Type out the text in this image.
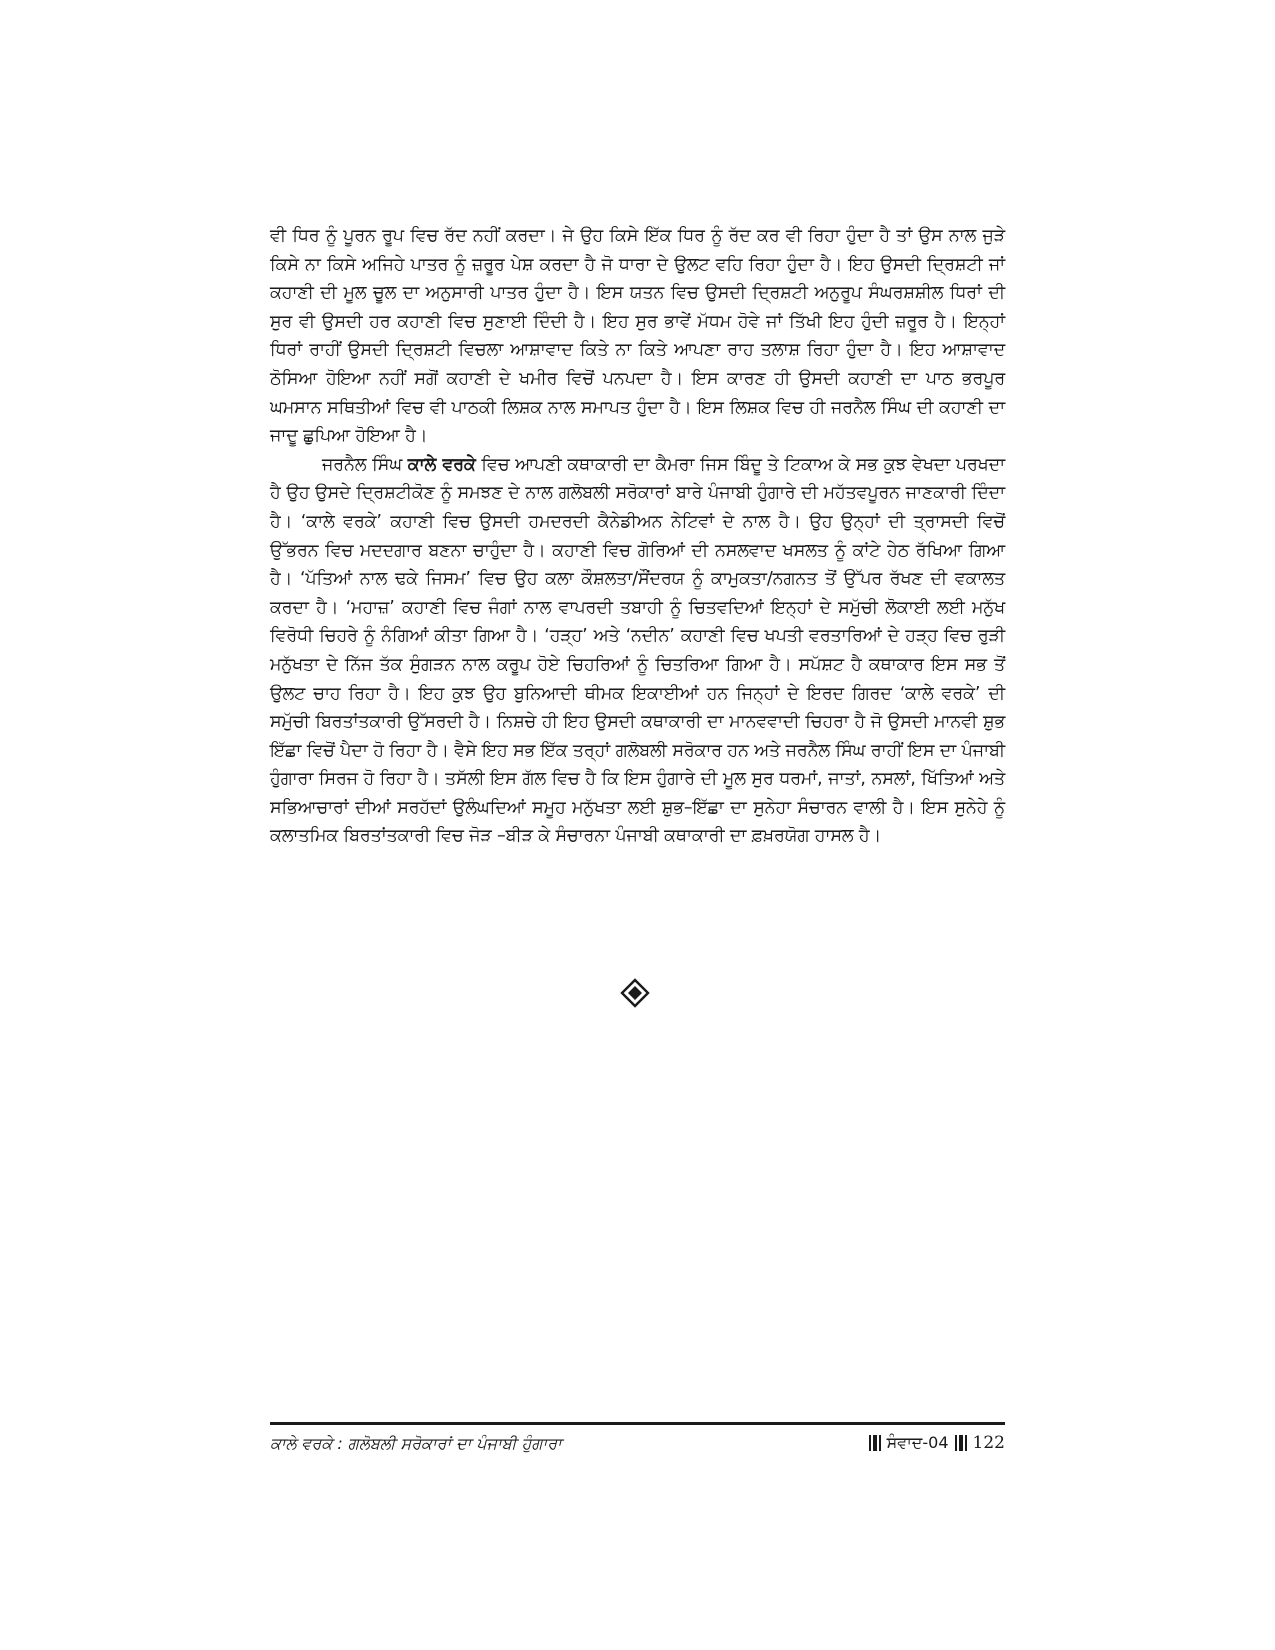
ਵੀ ਧਿਰ ਨੂੰ ਪੂਰਨ ਰੂਪ ਵਿਚ ਰੱਦ ਨਹੀਂ ਕਰਦਾ। ਜੇ ਉਹ ਕਿਸੇ ਇੱਕ ਧਿਰ ਨੂੰ ਰੱਦ ਕਰ ਵੀ ਰਿਹਾ ਹੁੰਦਾ ਹੈ ਤਾਂ ਉਸ ਨਾਲ ਜੁੜੇ ਕਿਸੇ ਨਾ ਕਿਸੇ ਅਜਿਹੇ ਪਾਤਰ ਨੂੰ ਜ਼ਰੂਰ ਪੇਸ਼ ਕਰਦਾ ਹੈ ਜੋ ਧਾਰਾ ਦੇ ਉਲਟ ਵਹਿ ਰਿਹਾ ਹੁੰਦਾ ਹੈ। ਇਹ ਉਸਦੀ ਦ੍ਰਿਸ਼ਟੀ ਜਾਂ ਕਹਾਣੀ ਦੀ ਮੂਲ ਚੂਲ ਦਾ ਅਨੁਸਾਰੀ ਪਾਤਰ ਹੁੰਦਾ ਹੈ। ਇਸ ਯਤਨ ਵਿਚ ਉਸਦੀ ਦ੍ਰਿਸ਼ਟੀ ਅਨੁਰੂਪ ਸੰਘਰਸ਼ਸ਼ੀਲ ਧਿਰਾਂ ਦੀ ਸੁਰ ਵੀ ਉਸਦੀ ਹਰ ਕਹਾਣੀ ਵਿਚ ਸੁਣਾਈ ਦਿੰਦੀ ਹੈ। ਇਹ ਸੁਰ ਭਾਵੇਂ ਮੱਧਮ ਹੋਵੇ ਜਾਂ ਤਿੱਖੀ ਇਹ ਹੁੰਦੀ ਜ਼ਰੂਰ ਹੈ। ਇਨ੍ਹਾਂ ਧਿਰਾਂ ਰਾਹੀਂ ਉਸਦੀ ਦ੍ਰਿਸ਼ਟੀ ਵਿਚਲਾ ਆਸ਼ਾਵਾਦ ਕਿਤੇ ਨਾ ਕਿਤੇ ਆਪਣਾ ਰਾਹ ਤਲਾਸ਼ ਰਿਹਾ ਹੁੰਦਾ ਹੈ। ਇਹ ਆਸ਼ਾਵਾਦ ਠੋਸਿਆ ਹੋਇਆ ਨਹੀਂ ਸਗੋਂ ਕਹਾਣੀ ਦੇ ਖਮੀਰ ਵਿਚੋਂ ਪਨਪਦਾ ਹੈ। ਇਸ ਕਾਰਣ ਹੀ ਉਸਦੀ ਕਹਾਣੀ ਦਾ ਪਾਠ ਭਰਪੂਰ ਘਮਸਾਨ ਸਥਿਤੀਆਂ ਵਿਚ ਵੀ ਪਾਠਕੀ ਲਿਸ਼ਕ ਨਾਲ ਸਮਾਪਤ ਹੁੰਦਾ ਹੈ। ਇਸ ਲਿਸ਼ਕ ਵਿਚ ਹੀ ਜਰਨੈਲ ਸਿੰਘ ਦੀ ਕਹਾਣੀ ਦਾ ਜਾਦੂ ਛੁਪਿਆ ਹੋਇਆ ਹੈ।

ਜਰਨੈਲ ਸਿੰਘ ਕਾਲੇ ਵਰਕੇ ਵਿਚ ਆਪਣੀ ਕਥਾਕਾਰੀ ਦਾ ਕੈਮਰਾ ਜਿਸ ਬਿੰਦੂ ਤੇ ਟਿਕਾਅ ਕੇ ਸਭ ਕੁਝ ਵੇਖਦਾ ਪਰਖਦਾ ਹੈ ਉਹ ਉਸਦੇ ਦ੍ਰਿਸ਼ਟੀਕੋਣ ਨੂੰ ਸਮਝਣ ਦੇ ਨਾਲ ਗਲੋਬਲੀ ਸਰੋਕਾਰਾਂ ਬਾਰੇ ਪੰਜਾਬੀ ਹੁੰਗਾਰੇ ਦੀ ਮਹੱਤਵਪੂਰਨ ਜਾਣਕਾਰੀ ਦਿੰਦਾ ਹੈ। ‘ਕਾਲੇ ਵਰਕੇ’ ਕਹਾਣੀ ਵਿਚ ਉਸਦੀ ਹਮਦਰਦੀ ਕੈਨੇਡੀਅਨ ਨੇਟਿਵਾਂ ਦੇ ਨਾਲ ਹੈ। ਉਹ ਉਨ੍ਹਾਂ ਦੀ ਤ੍ਰਾਸਦੀ ਵਿਚੋਂ ਉੱਭਰਨ ਵਿਚ ਮਦਦਗਾਰ ਬਣਨਾ ਚਾਹੁੰਦਾ ਹੈ। ਕਹਾਣੀ ਵਿਚ ਗੋਰਿਆਂ ਦੀ ਨਸਲਵਾਦ ਖਸਲਤ ਨੂੰ ਕਾਂਟੇ ਹੇਠ ਰੱਖਿਆ ਗਿਆ ਹੈ। ‘ਪੱਤਿਆਂ ਨਾਲ ਢਕੇ ਜਿਸਮ’ ਵਿਚ ਉਹ ਕਲਾ ਕੌਸ਼ਲਤਾ/ਸੌਂਦਰਯ ਨੂੰ ਕਾਮੁਕਤਾ/ਨਗਨਤ ਤੋਂ ਉੱਪਰ ਰੱਖਣ ਦੀ ਵਕਾਲਤ ਕਰਦਾ ਹੈ। ‘ਮਹਾਜ਼’ ਕਹਾਣੀ ਵਿਚ ਜੰਗਾਂ ਨਾਲ ਵਾਪਰਦੀ ਤਬਾਹੀ ਨੂੰ ਚਿਤਵਦਿਆਂ ਇਨ੍ਹਾਂ ਦੇ ਸਮੁੱਚੀ ਲੋਕਾਈ ਲਈ ਮਨੁੱਖ ਵਿਰੋਧੀ ਚਿਹਰੇ ਨੂੰ ਨੰਗਿਆਂ ਕੀਤਾ ਗਿਆ ਹੈ। ‘ਹੜ੍ਹ’ ਅਤੇ ‘ਨਦੀਨ’ ਕਹਾਣੀ ਵਿਚ ਖਪਤੀ ਵਰਤਾਰਿਆਂ ਦੇ ਹੜ੍ਹ ਵਿਚ ਰੁੜੀ ਮਨੁੱਖਤਾ ਦੇ ਨਿੱਜ ਤੱਕ ਸੁੰਗੜਨ ਨਾਲ ਕਰੂਪ ਹੋਏ ਚਿਹਰਿਆਂ ਨੂੰ ਚਿਤਰਿਆ ਗਿਆ ਹੈ। ਸਪੱਸ਼ਟ ਹੈ ਕਥਾਕਾਰ ਇਸ ਸਭ ਤੋਂ ਉਲਟ ਚਾਹ ਰਿਹਾ ਹੈ। ਇਹ ਕੁਝ ਉਹ ਬੁਨਿਆਦੀ ਥੀਮਕ ਇਕਾਈਆਂ ਹਨ ਜਿਨ੍ਹਾਂ ਦੇ ਇਰਦ ਗਿਰਦ ‘ਕਾਲੇ ਵਰਕੇ’ ਦੀ ਸਮੁੱਚੀ ਬਿਰਤਾਂਤਕਾਰੀ ਉੱਸਰਦੀ ਹੈ। ਨਿਸ਼ਚੇ ਹੀ ਇਹ ਉਸਦੀ ਕਥਾਕਾਰੀ ਦਾ ਮਾਨਵਵਾਦੀ ਚਿਹਰਾ ਹੈ ਜੋ ਉਸਦੀ ਮਾਨਵੀ ਸ਼ੁਭ ਇੱਛਾ ਵਿਚੋਂ ਪੈਦਾ ਹੋ ਰਿਹਾ ਹੈ। ਵੈਸੇ ਇਹ ਸਭ ਇੱਕ ਤਰ੍ਹਾਂ ਗਲੋਬਲੀ ਸਰੋਕਾਰ ਹਨ ਅਤੇ ਜਰਨੈਲ ਸਿੰਘ ਰਾਹੀਂ ਇਸ ਦਾ ਪੰਜਾਬੀ ਹੁੰਗਾਰਾ ਸਿਰਜ ਹੋ ਰਿਹਾ ਹੈ। ਤਸੱਲੀ ਇਸ ਗੱਲ ਵਿਚ ਹੈ ਕਿ ਇਸ ਹੁੰਗਾਰੇ ਦੀ ਮੂਲ ਸੁਰ ਧਰਮਾਂ, ਜਾਤਾਂ, ਨਸਲਾਂ, ਖਿੱਤਿਆਂ ਅਤੇ ਸਭਿਆਚਾਰਾਂ ਦੀਆਂ ਸਰਹੱਦਾਂ ਉਲੰਘਦਿਆਂ ਸਮੂਹ ਮਨੁੱਖਤਾ ਲਈ ਸ਼ੁਭ–ਇੱਛਾ ਦਾ ਸੁਨੇਹਾ ਸੰਚਾਰਨ ਵਾਲੀ ਹੈ। ਇਸ ਸੁਨੇਹੇ ਨੂੰ ਕਲਾਤਮਿਕ ਬਿਰਤਾਂਤਕਾਰੀ ਵਿਚ ਜੋੜ –ਬੀੜ ਕੇ ਸੰਚਾਰਨਾ ਪੰਜਾਬੀ ਕਥਾਕਾਰੀ ਦਾ ਫ਼ਖ਼ਰਯੋਗ ਹਾਸਲ ਹੈ।

ਕਾਲੇ ਵਰਕੇ : ਗਲੋਬਲੀ ਸਰੋਕਾਰਾਂ ਦਾ ਪੰਜਾਬੀ ਹੁੰਗਾਰਾ	ਸੰਵਾਦ-04 122
